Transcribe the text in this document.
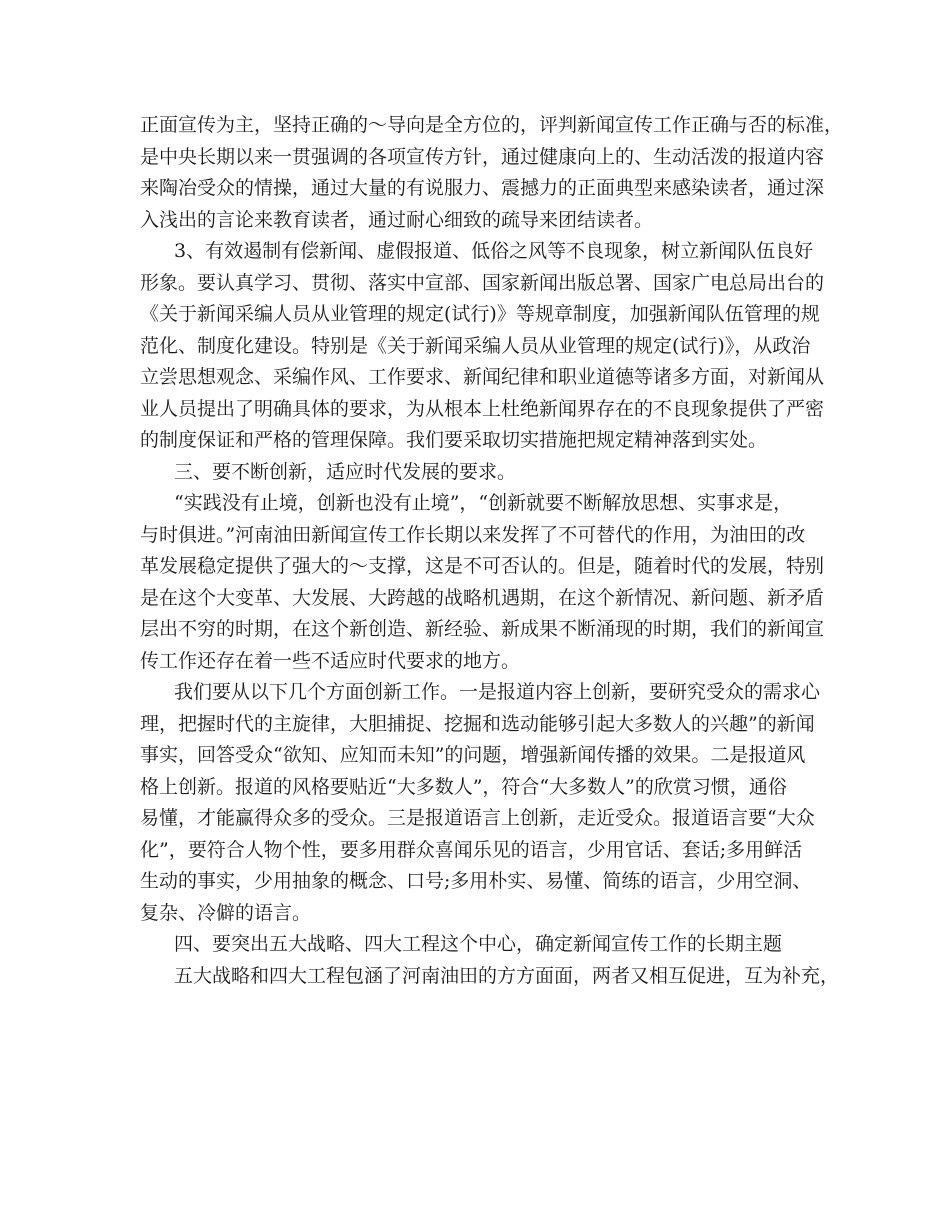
正面宣传为主，坚持正确的～导向是全方位的，评判新闻宣传工作正确与否的标准，
是中央长期以来一贯强调的各项宣传方针，通过健康向上的、生动活泼的报道内容
来陶冶受众的情操，通过大量的有说服力、震撼力的正面典型来感染读者，通过深
入浅出的言论来教育读者，通过耐心细致的疏导来团结读者。
3、有效遏制有偿新闻、虚假报道、低俗之风等不良现象，树立新闻队伍良好
形象。要认真学习、贯彻、落实中宣部、国家新闻出版总署、国家广电总局出台的
《关于新闻采编人员从业管理的规定(试行)》等规章制度，加强新闻队伍管理的规
范化、制度化建设。特别是《关于新闻采编人员从业管理的规定(试行)》，从政治
立尝思想观念、采编作风、工作要求、新闻纪律和职业道德等诸多方面，对新闻从
业人员提出了明确具体的要求，为从根本上杜绝新闻界存在的不良现象提供了严密
的制度保证和严格的管理保障。我们要采取切实措施把规定精神落到实处。
三、要不断创新，适应时代发展的要求。
“实践没有止境，创新也没有止境”，“创新就要不断解放思想、实事求是，
与时俱进。”河南油田新闻宣传工作长期以来发挥了不可替代的作用，为油田的改
革发展稳定提供了强大的～支撑，这是不可否认的。但是，随着时代的发展，特别
是在这个大变革、大发展、大跨越的战略机遇期，在这个新情况、新问题、新矛盾
层出不穷的时期，在这个新创造、新经验、新成果不断涌现的时期，我们的新闻宣
传工作还存在着一些不适应时代要求的地方。
我们要从以下几个方面创新工作。一是报道内容上创新，要研究受众的需求心
理，把握时代的主旋律，大胆捕捉、挖掘和选动能够引起大多数人的兴趣”的新闻
事实，回答受众“欲知、应知而未知”的问题，增强新闻传播的效果。二是报道风
格上创新。报道的风格要贴近“大多数人”，符合“大多数人”的欣赏习惯，通俗
易懂，才能赢得众多的受众。三是报道语言上创新，走近受众。报道语言要“大众
化”，要符合人物个性，要多用群众喜闻乐见的语言，少用官话、套话;多用鲜活
生动的事实，少用抽象的概念、口号;多用朴实、易懂、简练的语言，少用空洞、
复杂、冷僻的语言。
四、要突出五大战略、四大工程这个中心，确定新闻宣传工作的长期主题
五大战略和四大工程包涵了河南油田的方方面面，两者又相互促进，互为补充，
